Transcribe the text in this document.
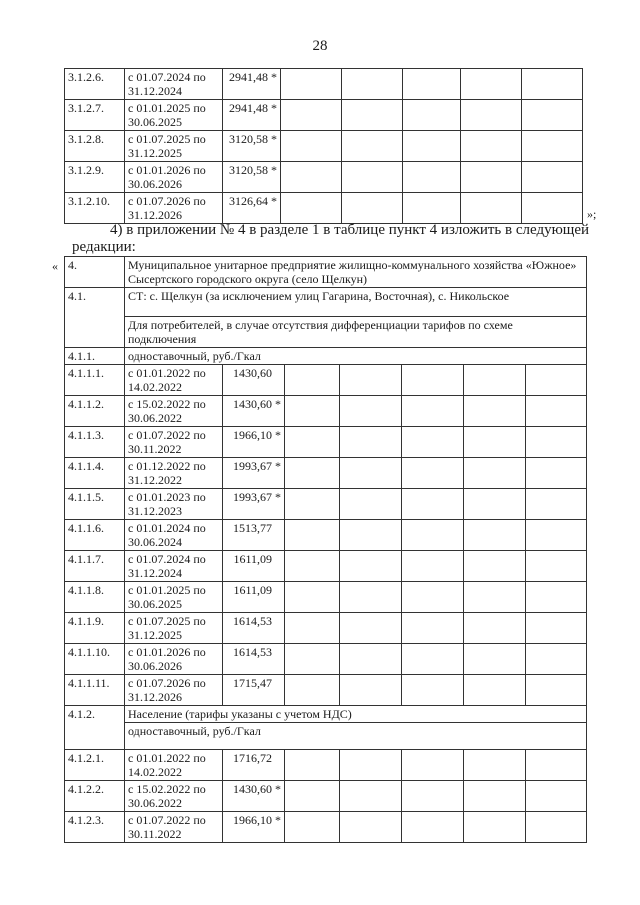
28
3.1.2.6.	с 01.07.2024 по 31.12.2024	2941,48 *					
3.1.2.7.	с 01.01.2025 по 30.06.2025	2941,48 *					
3.1.2.8.	с 01.07.2025 по 31.12.2025	3120,58 *					
3.1.2.9.	с 01.01.2026 по 30.06.2026	3120,58 *					
3.1.2.10.	с 01.07.2026 по 31.12.2026	3126,64 *					
»;
4) в приложении № 4 в разделе 1 в таблице пункт 4 изложить в следующей
редакции:
« 4.	Муниципальное унитарное предприятие жилищно-коммунального хозяйства «Южное» Сысертского городского округа (село Щелкун)						
4.1.	СТ: с. Щелкун (за исключением улиц Гагарина, Восточная), с. Никольское						
	Для потребителей, в случае отсутствия дифференциации тарифов по схеме подключения						
4.1.1.	одноставочный, руб./Гкал						
4.1.1.1.	с 01.01.2022 по 14.02.2022	1430,60					
4.1.1.2.	с 15.02.2022 по 30.06.2022	1430,60 *					
4.1.1.3.	с 01.07.2022 по 30.11.2022	1966,10 *					
4.1.1.4.	с 01.12.2022 по 31.12.2022	1993,67 *					
4.1.1.5.	с 01.01.2023 по 31.12.2023	1993,67 *					
4.1.1.6.	с 01.01.2024 по 30.06.2024	1513,77					
4.1.1.7.	с 01.07.2024 по 31.12.2024	1611,09					
4.1.1.8.	с 01.01.2025 по 30.06.2025	1611,09					
4.1.1.9.	с 01.07.2025 по 31.12.2025	1614,53					
4.1.1.10.	с 01.01.2026 по 30.06.2026	1614,53					
4.1.1.11.	с 01.07.2026 по 31.12.2026	1715,47					
4.1.2.	Население (тарифы указаны с учетом НДС)						
	одноставочный, руб./Гкал						
4.1.2.1.	с 01.01.2022 по 14.02.2022	1716,72					
4.1.2.2.	с 15.02.2022 по 30.06.2022	1430,60 *					
4.1.2.3.	с 01.07.2022 по 30.11.2022	1966,10 *					
